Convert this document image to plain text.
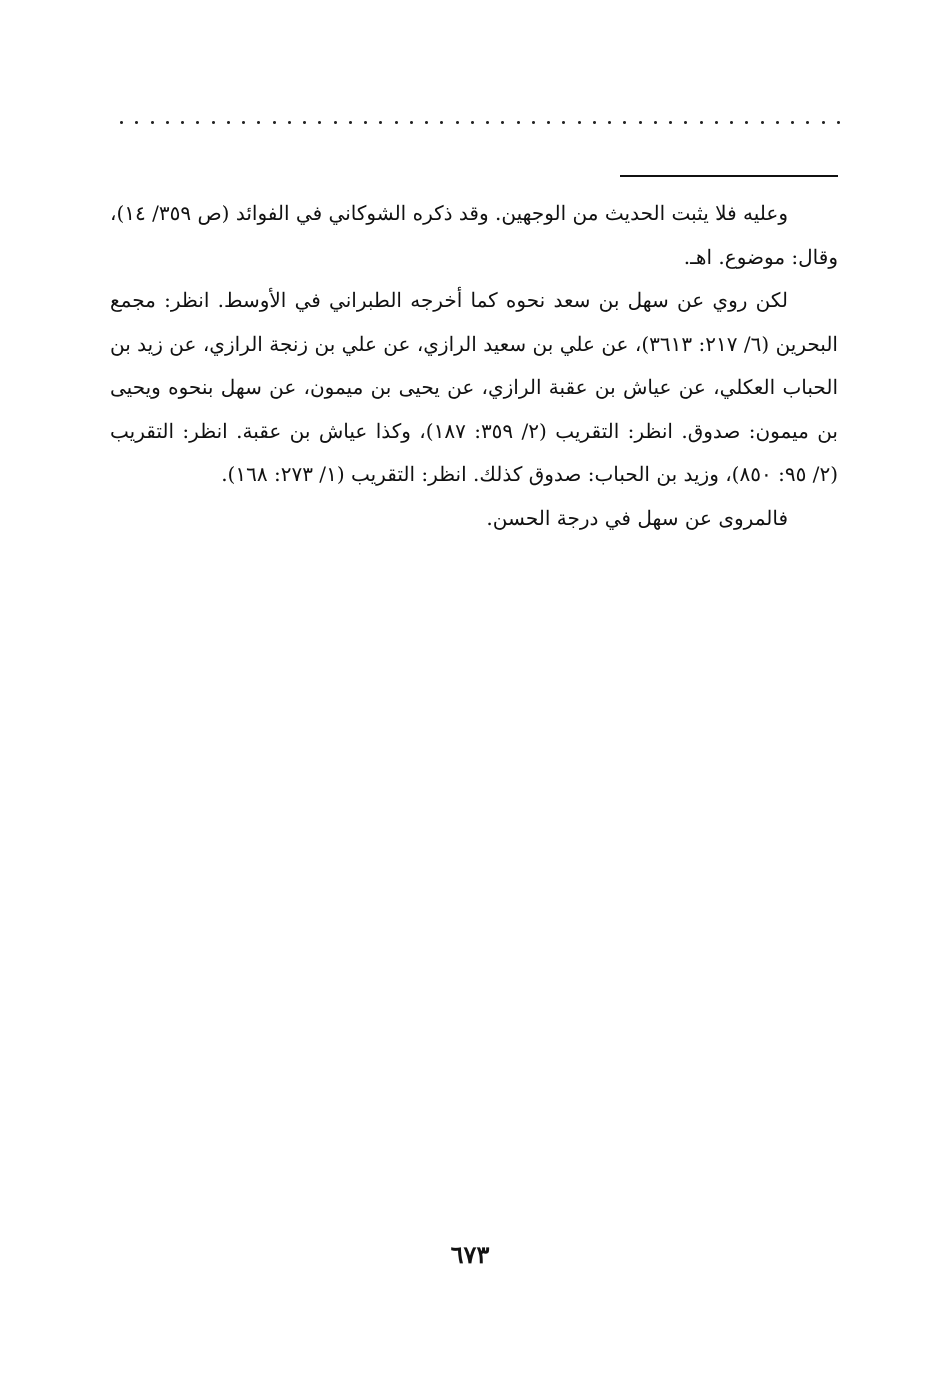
وعليه فلا يثبت الحديث من الوجهين. وقد ذكره الشوكاني في الفوائد (ص ٣٥٩/ ١٤)، وقال: موضوع. اهـ.

لكن روي عن سهل بن سعد نحوه كما أخرجه الطبراني في الأوسط. انظر: مجمع البحرين (٦/ ٢١٧: ٣٦١٣)، عن علي بن سعيد الرازي، عن علي بن زنجة الرازي، عن زيد بن الحباب العكلي، عن عياش بن عقبة الرازي، عن يحيى بن ميمون، عن سهل بنحوه ويحيى بن ميمون: صدوق. انظر: التقريب (٢/ ٣٥٩: ١٨٧)، وكذا عياش بن عقبة. انظر: التقريب (٢/ ٩٥: ٨٥٠)، وزيد بن الحباب: صدوق كذلك. انظر: التقريب (١/ ٢٧٣: ١٦٨).

فالمروى عن سهل في درجة الحسن.

٦٧٣
